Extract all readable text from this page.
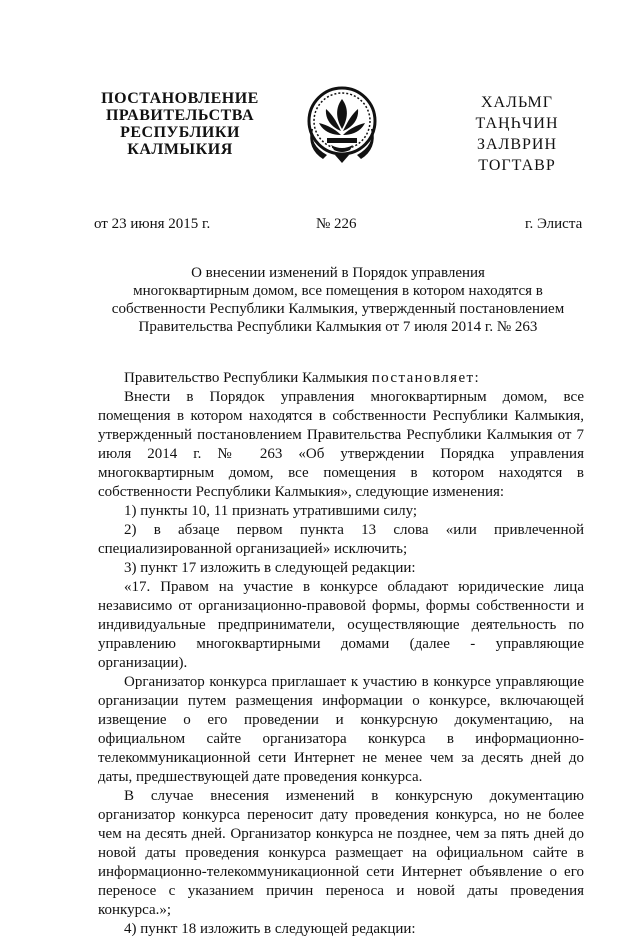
ПОСТАНОВЛЕНИЕ
ПРАВИТЕЛЬСТВА
РЕСПУБЛИКИ
КАЛМЫКИЯ
ХАЛЬМГ
ТАҢҺЧИН
ЗАЛВРИН
ТОГТАВР
от 23 июня 2015 г.	№ 226	г. Элиста
О внесении изменений в Порядок управления
многоквартирным домом, все помещения в котором находятся в
собственности Республики Калмыкия, утвержденный постановлением
Правительства Республики Калмыкия от 7 июля 2014 г. № 263

Правительство Республики Калмыкия постановляет:

Внести в Порядок управления многоквартирным домом, все помещения в котором находятся в собственности Республики Калмыкия, утвержденный постановлением Правительства Республики Калмыкия от 7 июля 2014 г. № 263 «Об утверждении Порядка управления многоквартирным домом, все помещения в котором находятся в собственности Республики Калмыкия», следующие изменения:

1) пункты 10, 11 признать утратившими силу;

2) в абзаце первом пункта 13 слова «или привлеченной специализированной организацией» исключить;

3) пункт 17 изложить в следующей редакции:

«17. Правом на участие в конкурсе обладают юридические лица независимо от организационно-правовой формы, формы собственности и индивидуальные предприниматели, осуществляющие деятельность по управлению многоквартирными домами (далее - управляющие организации).

Организатор конкурса приглашает к участию в конкурсе управляющие организации путем размещения информации о конкурсе, включающей извещение о его проведении и конкурсную документацию, на официальном сайте организатора конкурса в информационно-телекоммуникационной сети Интернет не менее чем за десять дней до даты, предшествующей дате проведения конкурса.

В случае внесения изменений в конкурсную документацию организатор конкурса переносит дату проведения конкурса, но не более чем на десять дней. Организатор конкурса не позднее, чем за пять дней до новой даты проведения конкурса размещает на официальном сайте в информационно-телекоммуникационной сети Интернет объявление о его переносе с указанием причин переноса и новой даты проведения конкурса.»;

4) пункт 18 изложить в следующей редакции:
